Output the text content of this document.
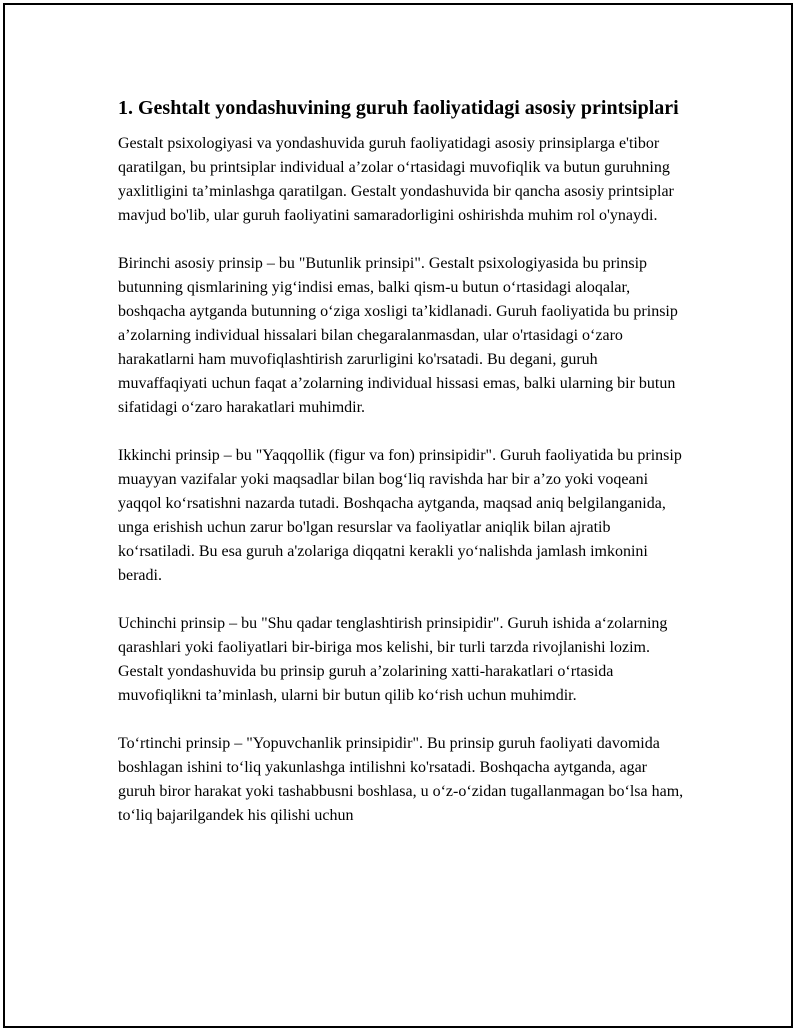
1. Geshtalt yondashuvining guruh faoliyatidagi asosiy printsiplari

Gestalt psixologiyasi va yondashuvida guruh faoliyatidagi asosiy prinsiplarga e'tibor qaratilgan, bu printsiplar individual a’zolar o‘rtasidagi muvofiqlik va butun guruhning yaxlitligini ta’minlashga qaratilgan. Gestalt yondashuvida bir qancha asosiy printsiplar mavjud bo'lib, ular guruh faoliyatini samaradorligini oshirishda muhim rol o'ynaydi.

Birinchi asosiy prinsip – bu "Butunlik prinsipi". Gestalt psixologiyasida bu prinsip butunning qismlarining yig‘indisi emas, balki qism-u butun o‘rtasidagi aloqalar, boshqacha aytganda butunning o‘ziga xosligi ta’kidlanadi. Guruh faoliyatida bu prinsip a’zolarning individual hissalari bilan chegaralanmasdan, ular o'rtasidagi o‘zaro harakatlarni ham muvofiqlashtirish zarurligini ko'rsatadi. Bu degani, guruh muvaffaqiyati uchun faqat a’zolarning individual hissasi emas, balki ularning bir butun sifatidagi o‘zaro harakatlari muhimdir.

Ikkinchi prinsip – bu "Yaqqollik (figur va fon) prinsipidir". Guruh faoliyatida bu prinsip muayyan vazifalar yoki maqsadlar bilan bog‘liq ravishda har bir a’zo yoki voqeani yaqqol ko‘rsatishni nazarda tutadi. Boshqacha aytganda, maqsad aniq belgilanganida, unga erishish uchun zarur bo'lgan resurslar va faoliyatlar aniqlik bilan ajratib ko‘rsatiladi. Bu esa guruh a'zolariga diqqatni kerakli yo‘nalishda jamlash imkonini beradi.

Uchinchi prinsip – bu "Shu qadar tenglashtirish prinsipidir". Guruh ishida a‘zolarning qarashlari yoki faoliyatlari bir-biriga mos kelishi, bir turli tarzda rivojlanishi lozim. Gestalt yondashuvida bu prinsip guruh a’zolarining xatti-harakatlari o‘rtasida muvofiqlikni ta’minlash, ularni bir butun qilib ko‘rish uchun muhimdir.

To‘rtinchi prinsip – "Yopuvchanlik prinsipidir". Bu prinsip guruh faoliyati davomida boshlagan ishini to‘liq yakunlashga intilishni ko'rsatadi. Boshqacha aytganda, agar guruh biror harakat yoki tashabbusni boshlasa, u o‘z-o‘zidan tugallanmagan bo‘lsa ham, to‘liq bajarilgandek his qilishi uchun
